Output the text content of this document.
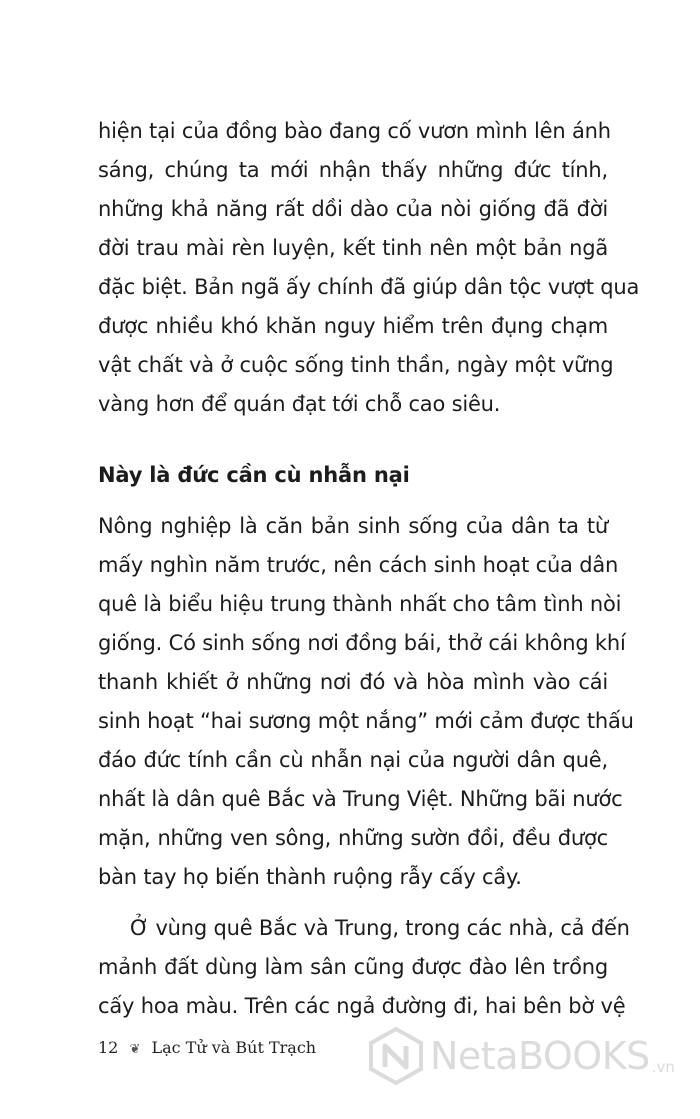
hiện tại của đồng bào đang cố vươn mình lên ánh
sáng, chúng ta mới nhận thấy những đức tính,
những khả năng rất dồi dào của nòi giống đã đời
đời trau mài rèn luyện, kết tinh nên một bản ngã
đặc biệt. Bản ngã ấy chính đã giúp dân tộc vượt qua
được nhiều khó khăn nguy hiểm trên đụng chạm
vật chất và ở cuộc sống tinh thần, ngày một vững
vàng hơn để quán đạt tới chỗ cao siêu.
Này là đức cần cù nhẫn nại
Nông nghiệp là căn bản sinh sống của dân ta từ
mấy nghìn năm trước, nên cách sinh hoạt của dân
quê là biểu hiệu trung thành nhất cho tâm tình nòi
giống. Có sinh sống nơi đồng bái, thở cái không khí
thanh khiết ở những nơi đó và hòa mình vào cái
sinh hoạt “hai sương một nắng” mới cảm được thấu
đáo đức tính cần cù nhẫn nại của người dân quê,
nhất là dân quê Bắc và Trung Việt. Những bãi nước
mặn, những ven sông, những sườn đồi, đều được
bàn tay họ biến thành ruộng rẫy cấy cầy.
Ở vùng quê Bắc và Trung, trong các nhà, cả đến
mảnh đất dùng làm sân cũng được đào lên trồng
cấy hoa màu. Trên các ngả đường đi, hai bên bờ vệ
12 ❦ Lạc Tử và Bút Trạch	NetaBOOKS .vn
